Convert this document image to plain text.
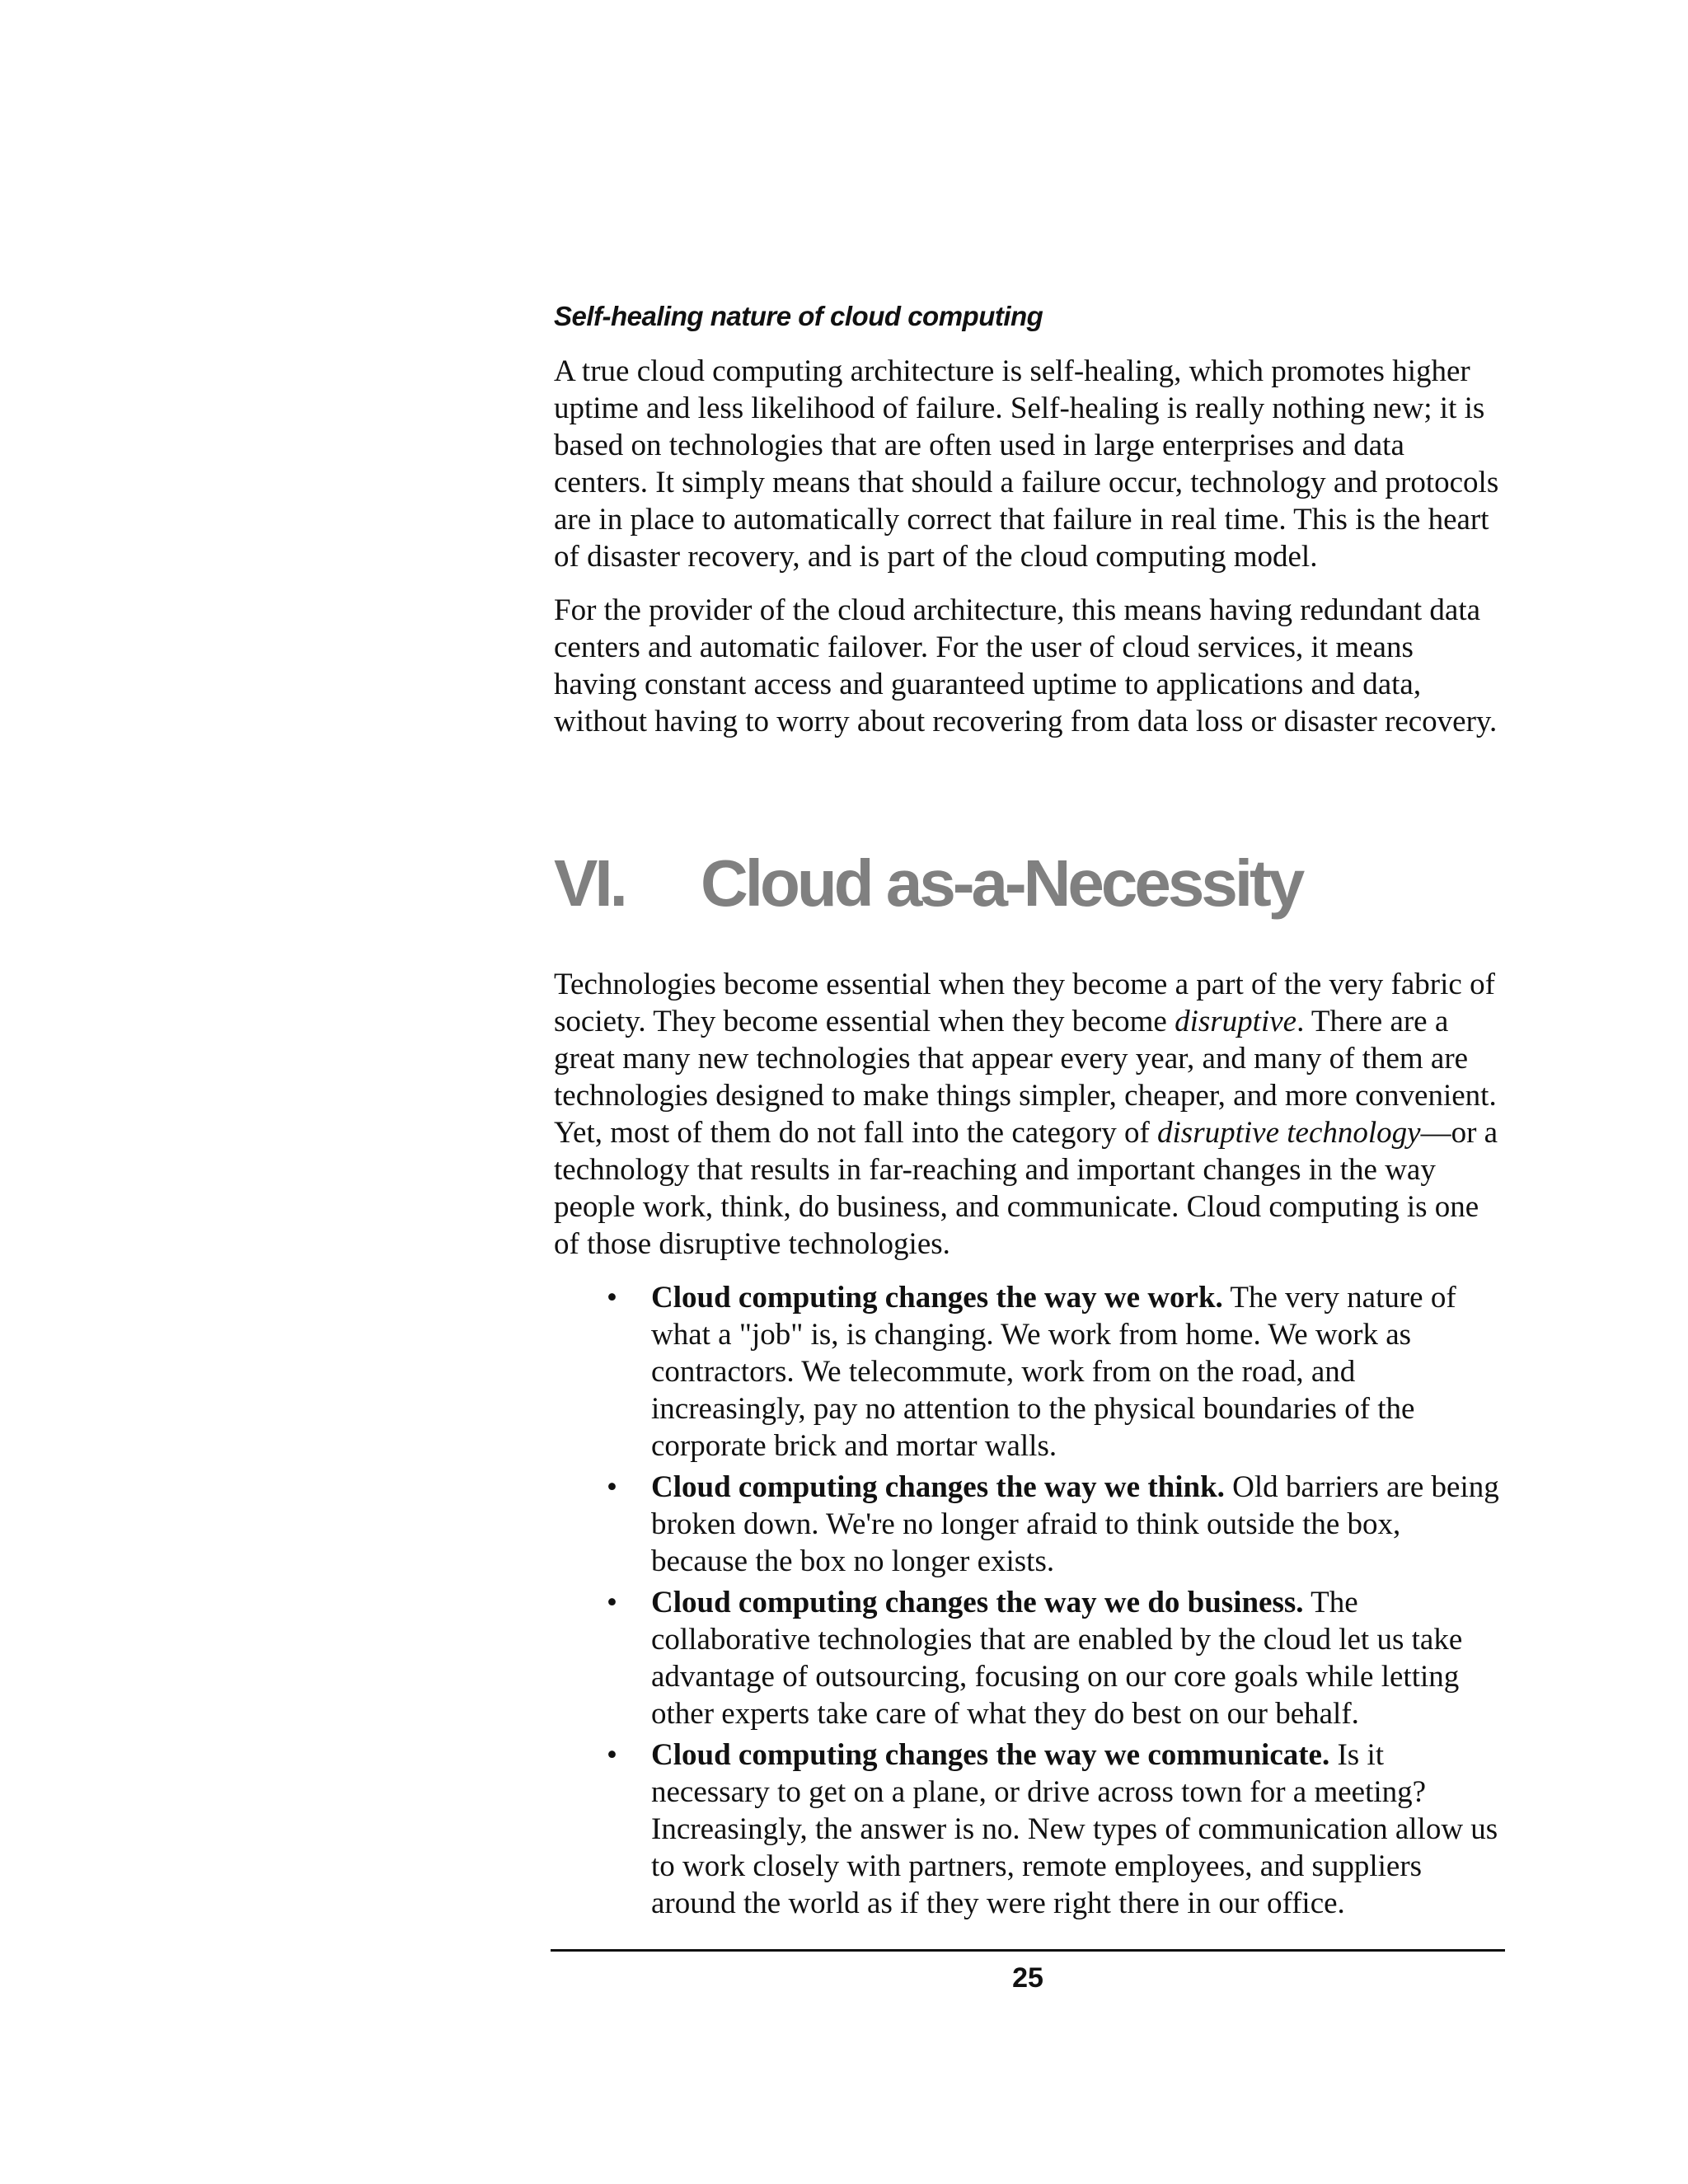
Self-healing nature of cloud computing

A true cloud computing architecture is self-healing, which promotes higher uptime and less likelihood of failure. Self-healing is really nothing new; it is based on technologies that are often used in large enterprises and data centers. It simply means that should a failure occur, technology and protocols are in place to automatically correct that failure in real time. This is the heart of disaster recovery, and is part of the cloud computing model.

For the provider of the cloud architecture, this means having redundant data centers and automatic failover. For the user of cloud services, it means having constant access and guaranteed uptime to applications and data, without having to worry about recovering from data loss or disaster recovery.

VI. Cloud as-a-Necessity

Technologies become essential when they become a part of the very fabric of society. They become essential when they become disruptive. There are a great many new technologies that appear every year, and many of them are technologies designed to make things simpler, cheaper, and more convenient. Yet, most of them do not fall into the category of disruptive technology—or a technology that results in far-reaching and important changes in the way people work, think, do business, and communicate. Cloud computing is one of those disruptive technologies.

• Cloud computing changes the way we work. The very nature of what a "job" is, is changing. We work from home. We work as contractors. We telecommute, work from on the road, and increasingly, pay no attention to the physical boundaries of the corporate brick and mortar walls.
• Cloud computing changes the way we think. Old barriers are being broken down. We're no longer afraid to think outside the box, because the box no longer exists.
• Cloud computing changes the way we do business. The collaborative technologies that are enabled by the cloud let us take advantage of outsourcing, focusing on our core goals while letting other experts take care of what they do best on our behalf.
• Cloud computing changes the way we communicate. Is it necessary to get on a plane, or drive across town for a meeting? Increasingly, the answer is no. New types of communication allow us to work closely with partners, remote employees, and suppliers around the world as if they were right there in our office.
25
